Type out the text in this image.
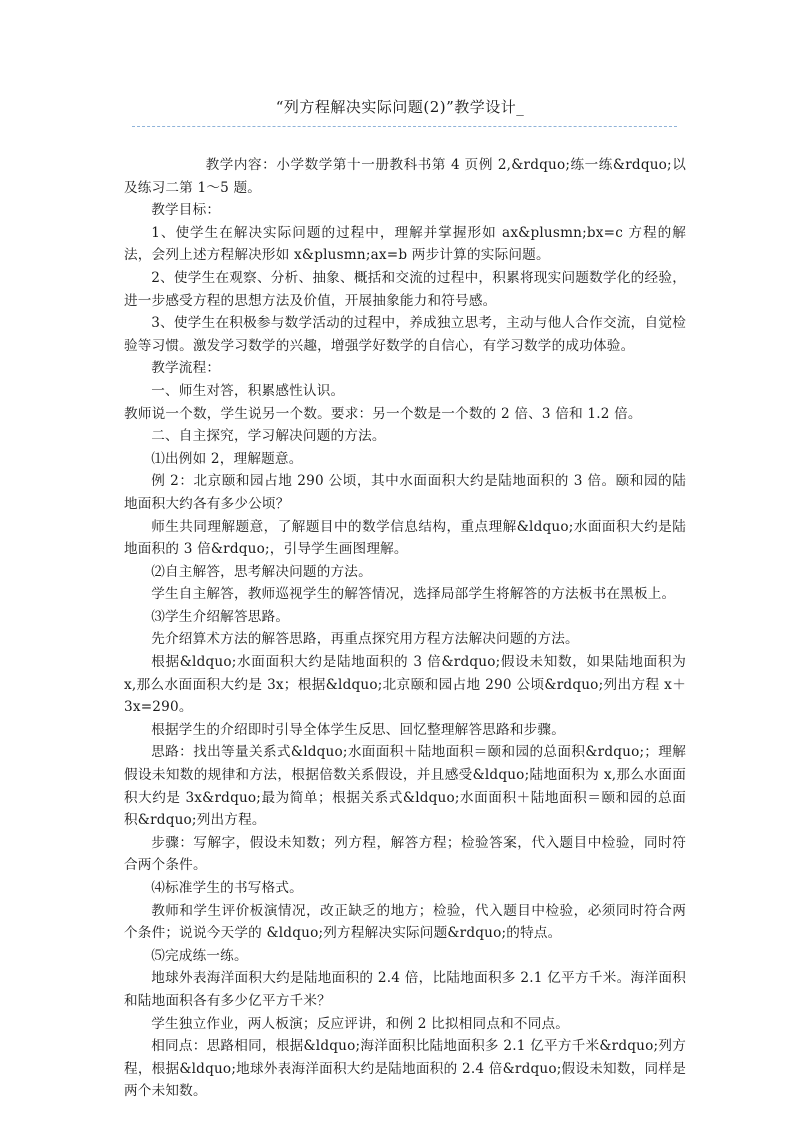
“列方程解决实际问题(2)”教学设计_

教学内容：小学数学第十一册教科书第 4 页例 2,&rdquo;练一练&rdquo;以及练习二第 1～5 题。

教学目标：

1、使学生在解决实际问题的过程中，理解并掌握形如 ax&plusmn;bx=c 方程的解法，会列上述方程解决形如 x&plusmn;ax=b 两步计算的实际问题。

2、使学生在观察、分析、抽象、概括和交流的过程中，积累将现实问题数学化的经验，进一步感受方程的思想方法及价值，开展抽象能力和符号感。

3、使学生在积极参与数学活动的过程中，养成独立思考，主动与他人合作交流，自觉检验等习惯。激发学习数学的兴趣，增强学好数学的自信心，有学习数学的成功体验。

教学流程：

一、师生对答，积累感性认识。

教师说一个数，学生说另一个数。要求：另一个数是一个数的 2 倍、3 倍和 1.2 倍。

二、自主探究，学习解决问题的方法。

⑴出例如 2，理解题意。

例 2：北京颐和园占地 290 公顷，其中水面面积大约是陆地面积的 3 倍。颐和园的陆地面积大约各有多少公顷？

师生共同理解题意，了解题目中的数学信息结构，重点理解&ldquo;水面面积大约是陆地面积的 3 倍&rdquo;，引导学生画图理解。

⑵自主解答，思考解决问题的方法。

学生自主解答，教师巡视学生的解答情况，选择局部学生将解答的方法板书在黑板上。

⑶学生介绍解答思路。

先介绍算术方法的解答思路，再重点探究用方程方法解决问题的方法。

根据&ldquo;水面面积大约是陆地面积的 3 倍&rdquo;假设未知数，如果陆地面积为 x,那么水面面积大约是 3x；根据&ldquo;北京颐和园占地 290 公顷&rdquo;列出方程 x＋3x=290。

根据学生的介绍即时引导全体学生反思、回忆整理解答思路和步骤。

思路：找出等量关系式&ldquo;水面面积＋陆地面积＝颐和园的总面积&rdquo;；理解假设未知数的规律和方法，根据倍数关系假设，并且感受&ldquo;陆地面积为 x,那么水面面积大约是 3x&rdquo;最为简单；根据关系式&ldquo;水面面积＋陆地面积＝颐和园的总面积&rdquo;列出方程。

步骤：写解字，假设未知数；列方程，解答方程；检验答案，代入题目中检验，同时符合两个条件。

⑷标准学生的书写格式。

教师和学生评价板演情况，改正缺乏的地方；检验，代入题目中检验，必须同时符合两个条件；说说今天学的 &ldquo;列方程解决实际问题&rdquo;的特点。

⑸完成练一练。

地球外表海洋面积大约是陆地面积的 2.4 倍，比陆地面积多 2.1 亿平方千米。海洋面积和陆地面积各有多少亿平方千米？

学生独立作业，两人板演；反应评讲，和例 2 比拟相同点和不同点。

相同点：思路相同，根据&ldquo;海洋面积比陆地面积多 2.1 亿平方千米&rdquo;列方程，根据&ldquo;地球外表海洋面积大约是陆地面积的 2.4 倍&rdquo;假设未知数，同样是两个未知数。
